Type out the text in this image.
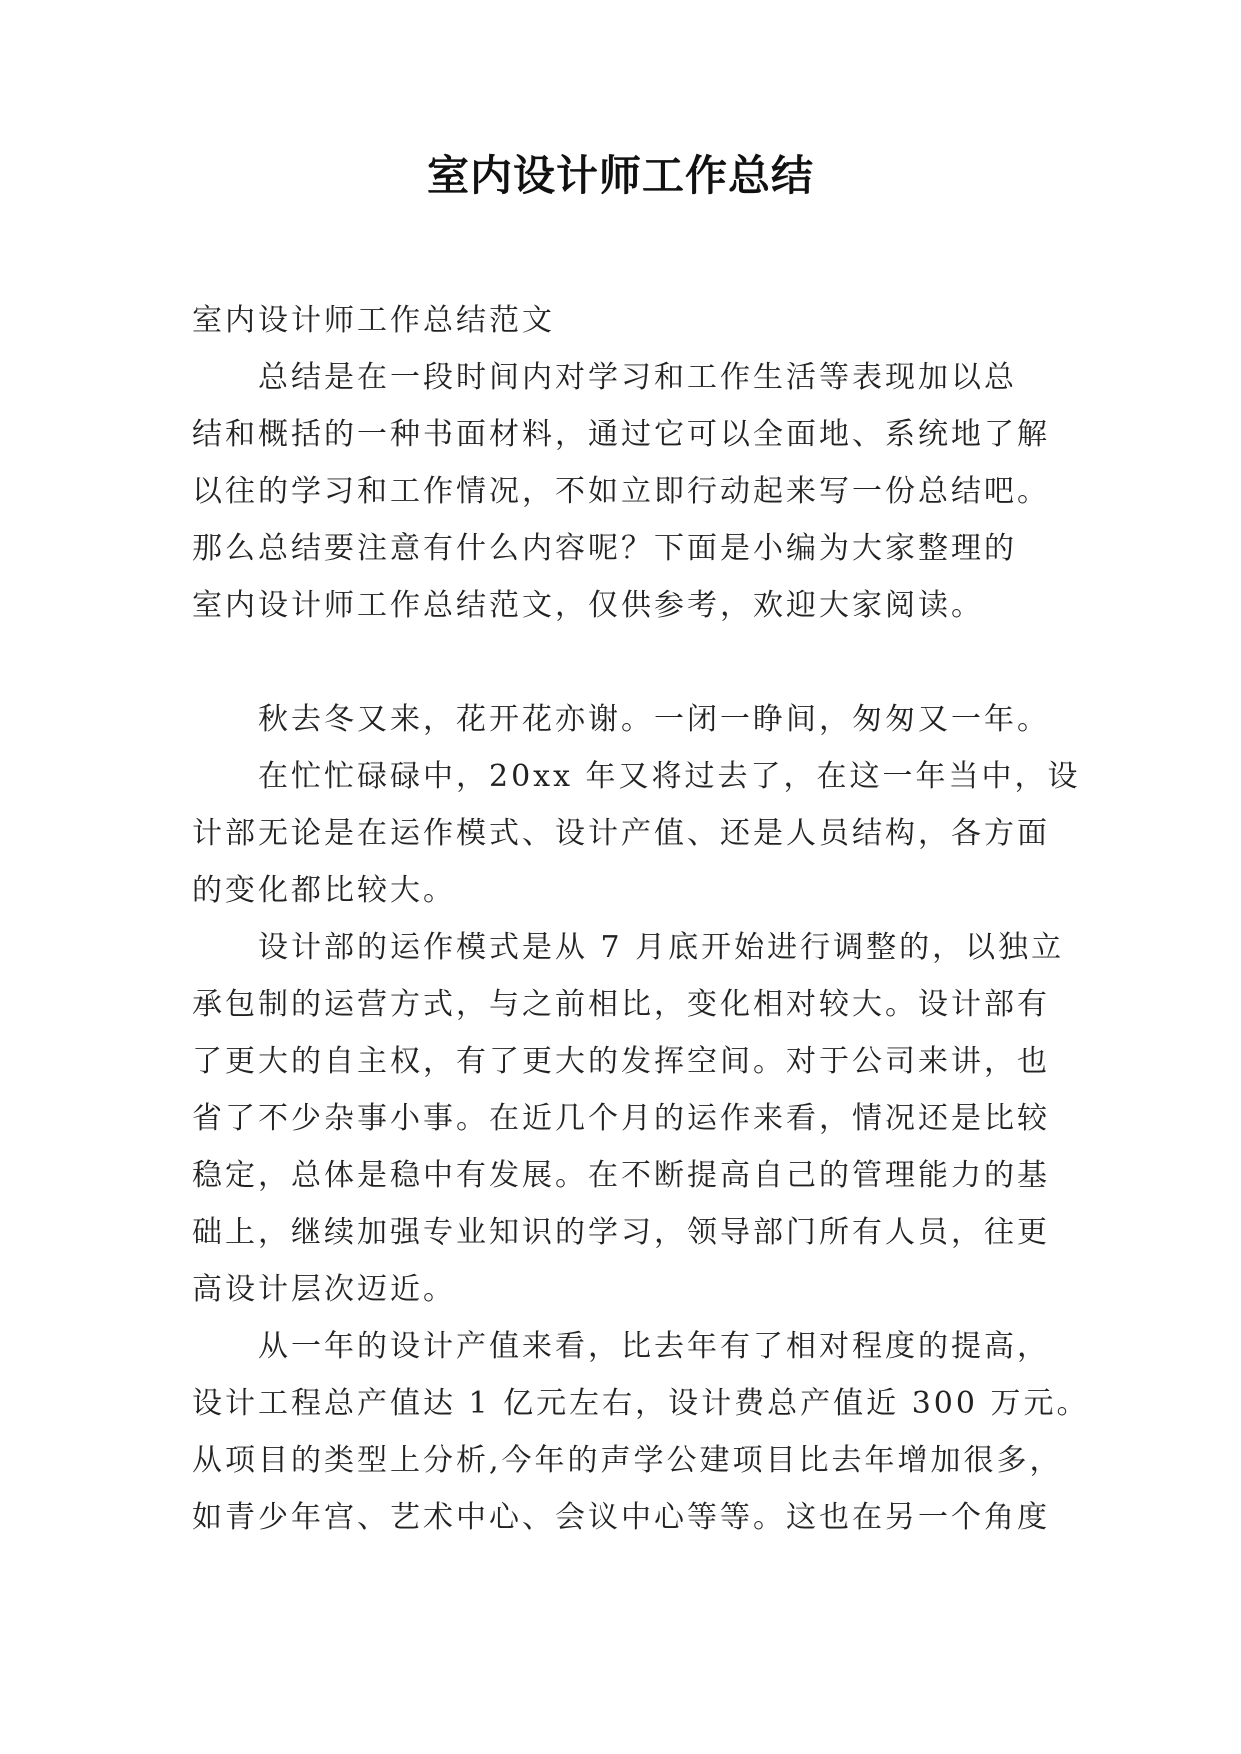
室内设计师工作总结
室内设计师工作总结范文
总结是在一段时间内对学习和工作生活等表现加以总
结和概括的一种书面材料，通过它可以全面地、系统地了解
以往的学习和工作情况，不如立即行动起来写一份总结吧。
那么总结要注意有什么内容呢？下面是小编为大家整理的
室内设计师工作总结范文，仅供参考，欢迎大家阅读。
秋去冬又来，花开花亦谢。一闭一睁间，匆匆又一年。
在忙忙碌碌中，20xx 年又将过去了，在这一年当中，设
计部无论是在运作模式、设计产值、还是人员结构，各方面
的变化都比较大。
设计部的运作模式是从 7 月底开始进行调整的，以独立
承包制的运营方式，与之前相比，变化相对较大。设计部有
了更大的自主权，有了更大的发挥空间。对于公司来讲，也
省了不少杂事小事。在近几个月的运作来看，情况还是比较
稳定，总体是稳中有发展。在不断提高自己的管理能力的基
础上，继续加强专业知识的学习，领导部门所有人员，往更
高设计层次迈近。
从一年的设计产值来看，比去年有了相对程度的提高，
设计工程总产值达 1 亿元左右，设计费总产值近 300 万元。
从项目的类型上分析,今年的声学公建项目比去年增加很多，
如青少年宫、艺术中心、会议中心等等。这也在另一个角度
